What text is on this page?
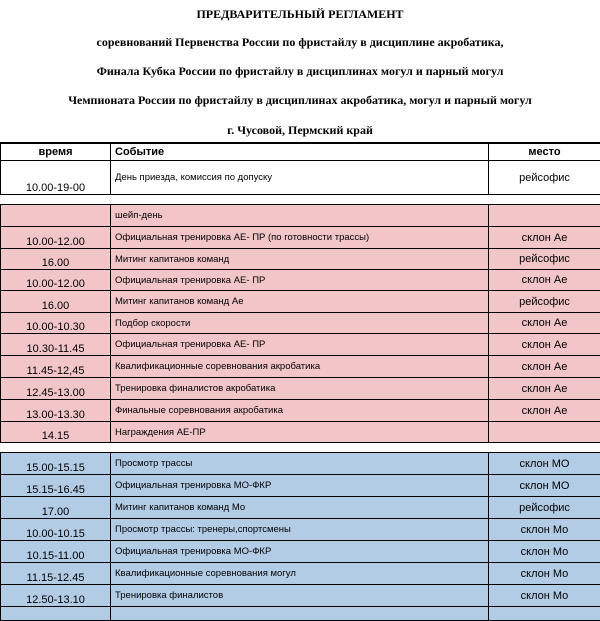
ПРЕДВАРИТЕЛЬНЫЙ РЕГЛАМЕНТ
соревнований Первенства России по фристайлу в дисциплине акробатика,
Финала Кубка России по фристайлу в дисциплинах могул и парный могул
Чемпионата России по фристайлу в дисциплинах акробатика, могул и парный могул
г. Чусовой, Пермский край
время	Событие	место
10.00-19-00	День приезда, комиссия по допуску	рейсофис

	шейп-день	
10.00-12.00	Официальная тренировка АЕ- ПР (по готовности трассы)	склон Ае
16.00	Митинг капитанов команд	рейсофис
10.00-12.00	Официальная тренировка АЕ- ПР	склон Ае
16.00	Митинг капитанов команд Ае	рейсофис
10.00-10.30	Подбор скорости	склон Ае
10.30-11.45	Официальная тренировка АЕ- ПР	склон Ае
11.45-12,45	Квалификационные соревнования акробатика	склон Ае
12.45-13.00	Тренировка финалистов акробатика	склон Ае
13.00-13.30	Финальные соревнования акробатика	склон Ае
14.15	Награждения АЕ-ПР	

15.00-15.15	Просмотр трассы	склон МО
15.15-16.45	Официальная тренировка МО-ФКР	склон МО
17.00	Митинг капитанов команд Мо	рейсофис
10.00-10.15	Просмотр трассы: тренеры,спортсмены	склон Мо
10.15-11.00	Официальная тренировка МО-ФКР	склон Мо
11.15-12.45	Квалификационные соревнования могул	склон Мо
12.50-13.10	Тренировка финалистов	склон Мо
